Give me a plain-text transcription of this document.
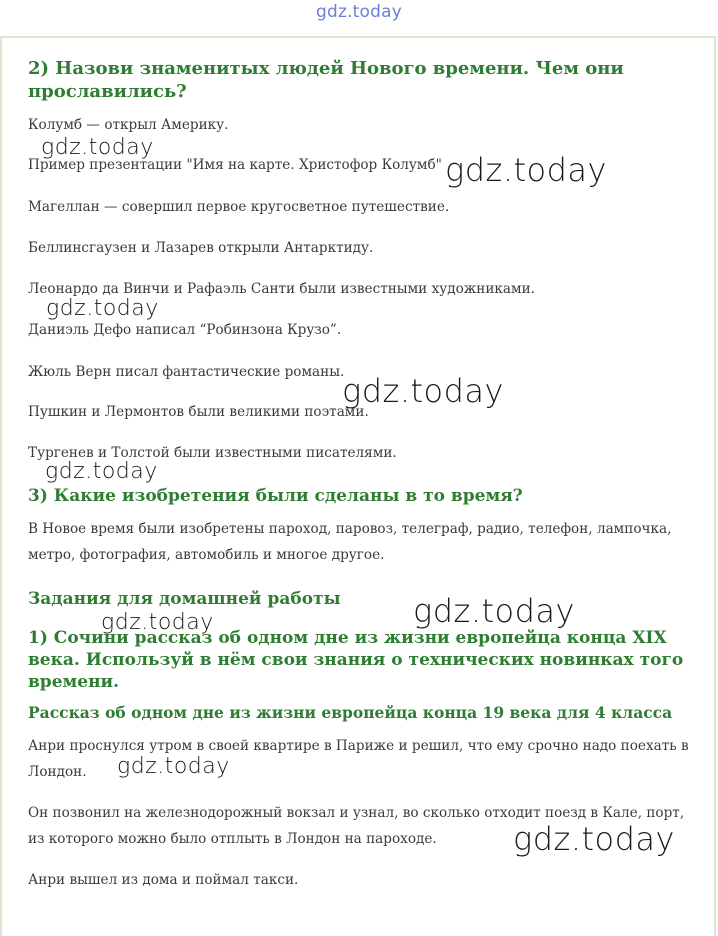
gdz.today
2) Назови знаменитых людей Нового времени. Чем они прославились?

Колумб — открыл Америку.

Пример презентации "Имя на карте. Христофор Колумб"

Магеллан — совершил первое кругосветное путешествие.

Беллинсгаузен и Лазарев открыли Антарктиду.

Леонардо да Винчи и Рафаэль Санти были известными художниками.

Даниэль Дефо написал “Робинзона Крузо”.

Жюль Верн писал фантастические романы.

Пушкин и Лермонтов были великими поэтами.

Тургенев и Толстой были известными писателями.

3) Какие изобретения были сделаны в то время?

В Новое время были изобретены пароход, паровоз, телеграф, радио, телефон, лампочка, метро, фотография, автомобиль и многое другое.

Задания для домашней работы
1) Сочини рассказ об одном дне из жизни европейца конца XIX века. Используй в нём свои знания о технических новинках того времени.
Рассказ об одном дне из жизни европейца конца 19 века для 4 класса

Анри проснулся утром в своей квартире в Париже и решил, что ему срочно надо поехать в Лондон.

Он позвонил на железнодорожный вокзал и узнал, во сколько отходит поезд в Кале, порт, из которого можно было отплыть в Лондон на пароходе.

Анри вышел из дома и поймал такси.

gdz.today
gdz.today
gdz.today
gdz.today
gdz.today
gdz.today	gdz.today
gdz.today
gdz.today
